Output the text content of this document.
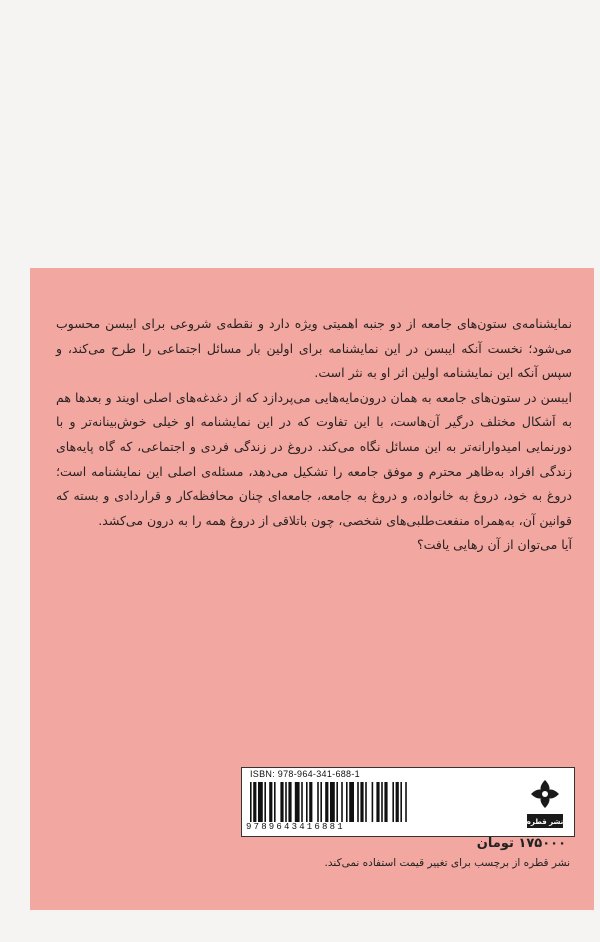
نمایشنامه‌ی ستون‌های جامعه از دو جنبه اهمیتی ویژه دارد و نقطه‌ی شروعی برای ایبسن محسوب می‌شود؛ نخست آنکه ایبسن در این نمایشنامه برای اولین بار مسائل اجتماعی را طرح می‌کند، و سپس آنکه این نمایشنامه اولین اثر او به نثر است.

ایبسن در ستون‌های جامعه به همان درون‌مایه‌هایی می‌پردازد که از دغدغه‌های اصلی اویند و بعدها هم به اَشکال مختلف درگیر آن‌هاست، با این تفاوت که در این نمایشنامه او خیلی خوش‌بینانه‌تر و با دورنمایی امیدوارانه‌تر به این مسائل نگاه می‌کند. دروغ در زندگی فردی و اجتماعی، که گاه پایه‌های زندگی افراد به‌ظاهر محترم و موفق جامعه را تشکیل می‌دهد، مسئله‌ی اصلی این نمایشنامه است؛ دروغ به خود، دروغ به خانواده، و دروغ به جامعه، جامعه‌ای چنان محافظه‌کار و قراردادی و بسته که قوانین آن، به‌همراه منفعت‌طلبی‌های شخصی، چون باتلاقی از دروغ همه را به درون می‌کشد.

آیا می‌توان از آن رهایی یافت؟

ISBN: 978-964-341-688-1
9789643416881	نشر قطره
۱۷۵۰۰۰ تومان
نشر قطره از برچسب برای تغییر قیمت استفاده نمی‌کند.
